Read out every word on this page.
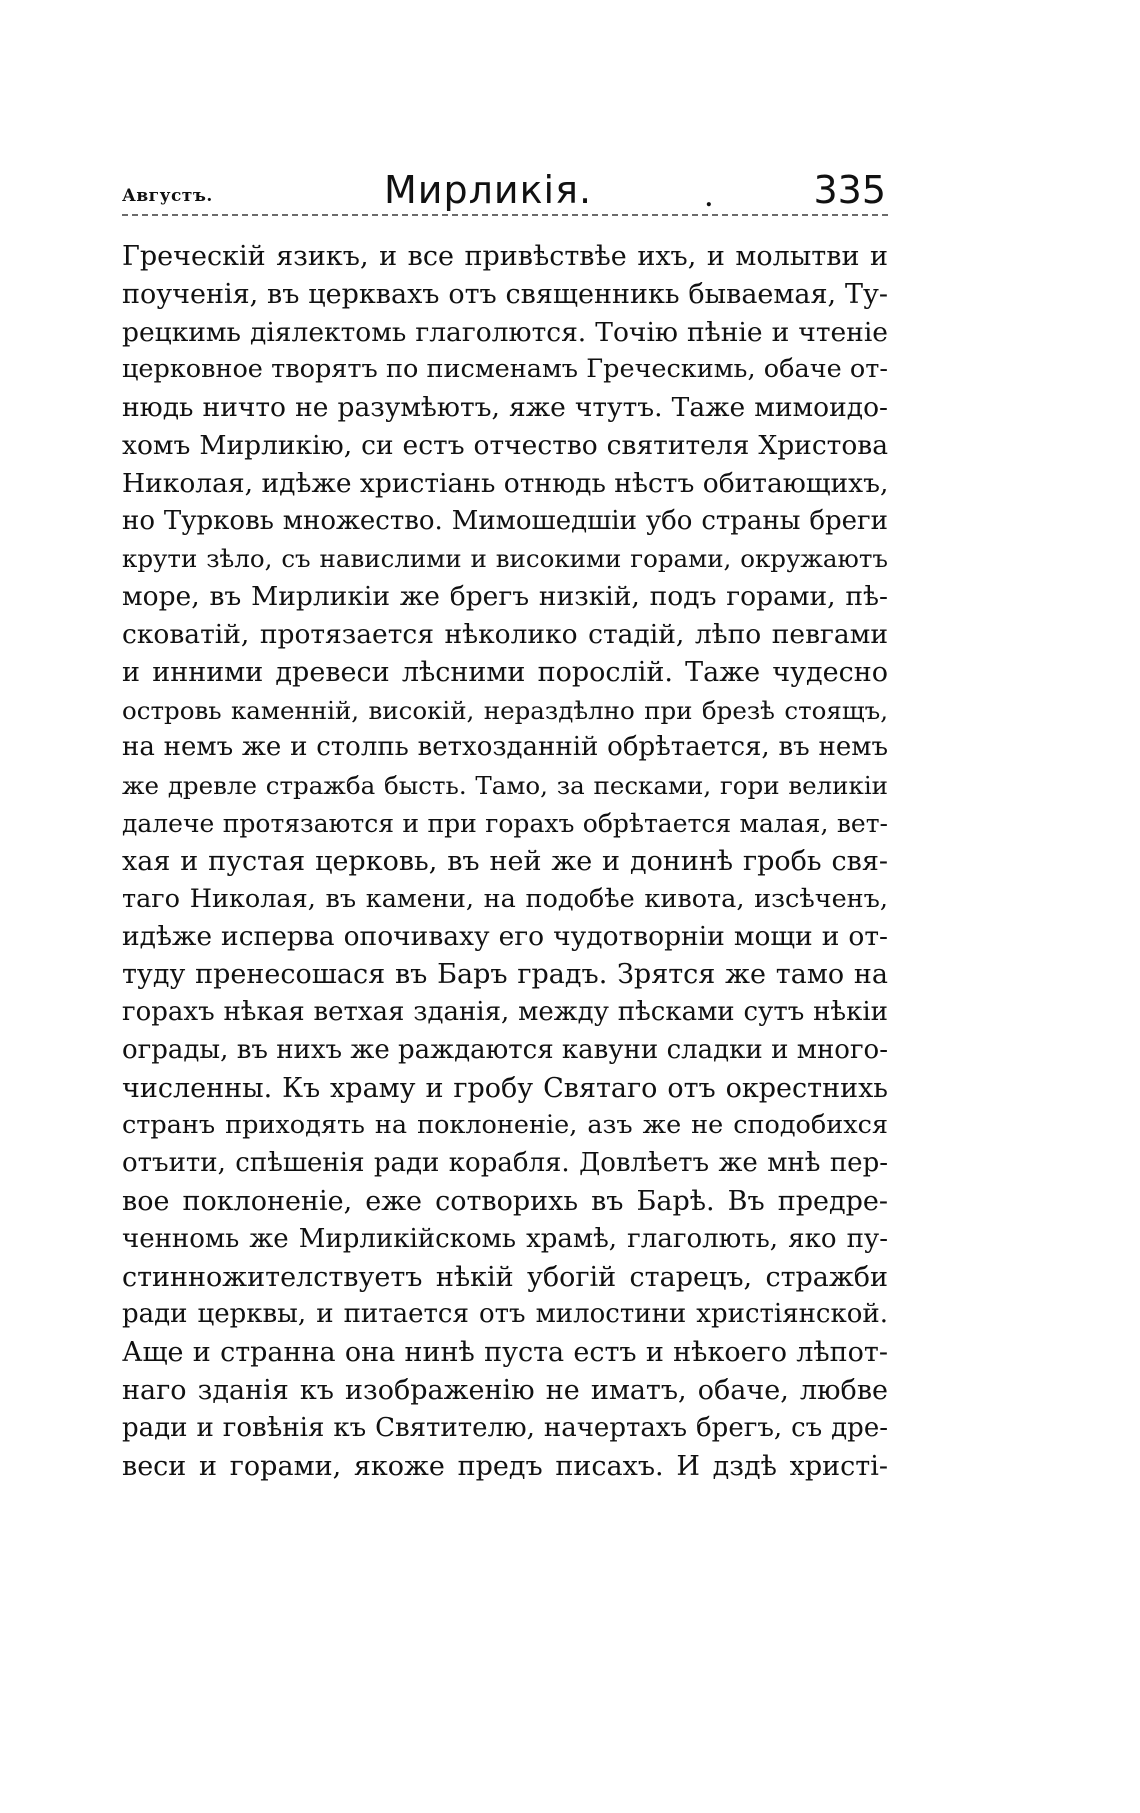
Августъ.	Мирликія.	.	335
Греческій язикъ, и все привѣствѣе ихъ, и молытви и
поученія, въ церквахъ отъ священникь бываемая, Ту-
рецкимь діялектомь глаголются. Точію пѣніе и чтеніе
церковное творятъ по писменамъ Греческимь, обаче от-
нюдь ничто не разумѣютъ, яже чтутъ. Таже мимоидо-
хомъ Мирликію, си естъ отчество святителя Христова
Николая, идѣже христіань отнюдь нѣстъ обитающихъ,
но Турковь множество. Мимошедшіи убо страны бреги
крути зѣло, съ навислими и високими горами, окружаютъ
море, въ Мирликіи же брегъ низкій, подъ горами, пѣ-
сковатій, протязается нѣколико стадій, лѣпо певгами
и инними древеси лѣсними порослій. Таже чудесно
островь каменній, високій, нераздѣлно при брезѣ стоящъ,
на немъ же и столпь ветхозданній обрѣтается, въ немъ
же древле стражба бысть. Тамо, за песками, гори великіи
далече протязаются и при горахъ обрѣтается малая, вет-
хая и пустая церковь, въ ней же и донинѣ гробь свя-
таго Николая, въ камени, на подобѣе кивота, изсѣченъ,
идѣже исперва опочиваху его чудотворніи мощи и от-
туду пренесошася въ Баръ градъ. Зрятся же тамо на
горахъ нѣкая ветхая зданія, между пѣсками сутъ нѣкіи
ограды, въ нихъ же раждаются кавуни сладки и много-
численны. Къ храму и гробу Святаго отъ окрестнихь
странъ приходять на поклоненіе, азъ же не сподобихся
отъити, спѣшенія ради корабля. Довлѣетъ же мнѣ пер-
вое поклоненіе, еже сотворихь въ Барѣ. Въ предре-
ченномь же Мирликійскомь храмѣ, глаголють, яко пу-
стинножителствуетъ нѣкій убогій старецъ, стражби
ради церквы, и питается отъ милостини христіянской.
Аще и странна она нинѣ пуста естъ и нѣкоего лѣпот-
наго зданія къ изображенію не иматъ, обаче, любве
ради и говѣнія къ Святителю, начертахъ брегъ, съ дре-
веси и горами, якоже предъ писахъ. И дздѣ христі-
